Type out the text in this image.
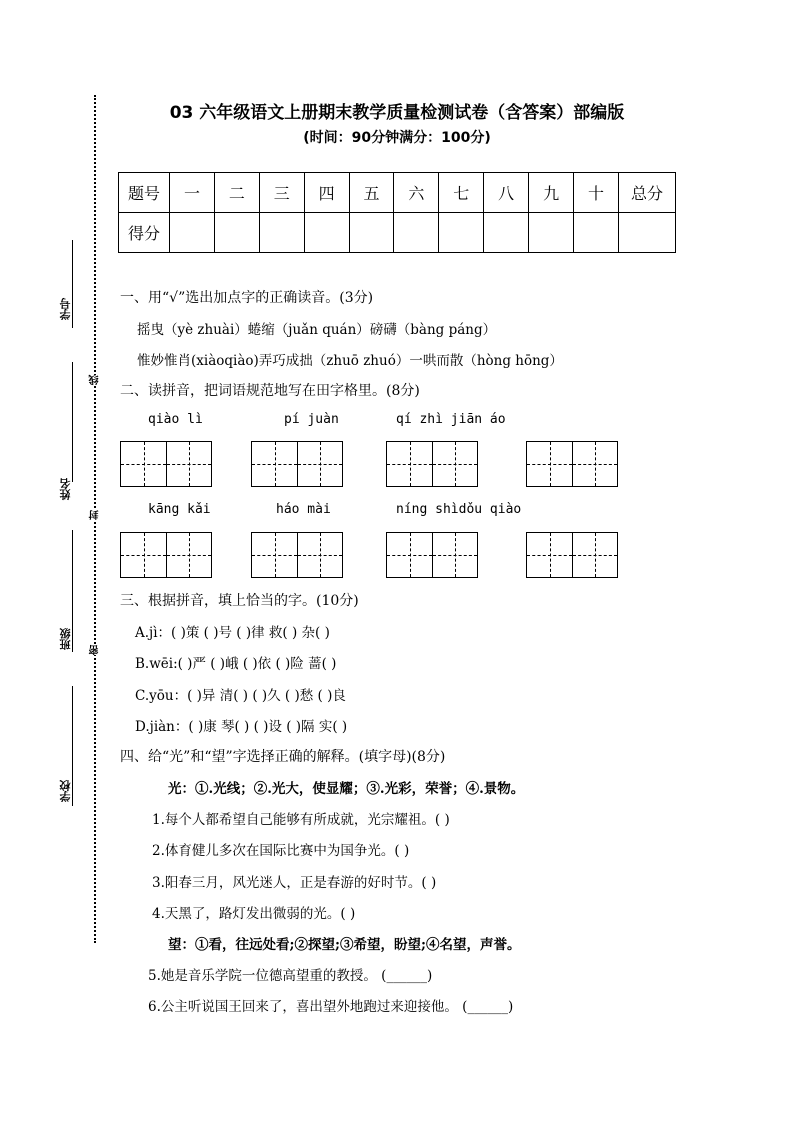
学号
姓名
班级
学校
线
封
密
03 六年级语文上册期末教学质量检测试卷（含答案）部编版
(时间：90分钟满分：100分)
题号	一	二	三	四	五	六	七	八	九	十	总分
得分											
一、用“√”选出加点字的正确读音。(3分)
摇曳（yè zhuài）蜷缩（juǎn quán）磅礴（bàng páng）
惟妙惟肖(xiàoqiào)弄巧成拙（zhuō zhuó）一哄而散（hòng hōng）
二、读拼音，把词语规范地写在田字格里。(8分)
qiào lì	pí juàn	qí zhì jiān áo
kāng kǎi	háo mài	níng shìdǒu qiào
三、根据拼音，填上恰当的字。(10分)
A.jì：( )策 ( )号 ( )律 救( ) 杂( )
B.wēi:( )严 ( )峨 ( )依 ( )险 蔷( )
C.yōu：( )异 清( ) ( )久 ( )愁 ( )良
D.jiàn：( )康 琴( ) ( )设 ( )隔 实( )
四、给“光”和“望”字选择正确的解释。(填字母)(8分)
光：①.光线；②.光大，使显耀；③.光彩，荣誉；④.景物。
1.每个人都希望自己能够有所成就，光宗耀祖。( )
2.体育健儿多次在国际比赛中为国争光。( )
3.阳春三月，风光迷人，正是春游的好时节。( )
4.天黑了，路灯发出微弱的光。( )
望：①看，往远处看;②探望;③希望，盼望;④名望，声誉。
5.她是音乐学院一位德高望重的教授。 (______)
6.公主听说国王回来了，喜出望外地跑过来迎接他。 (______)
